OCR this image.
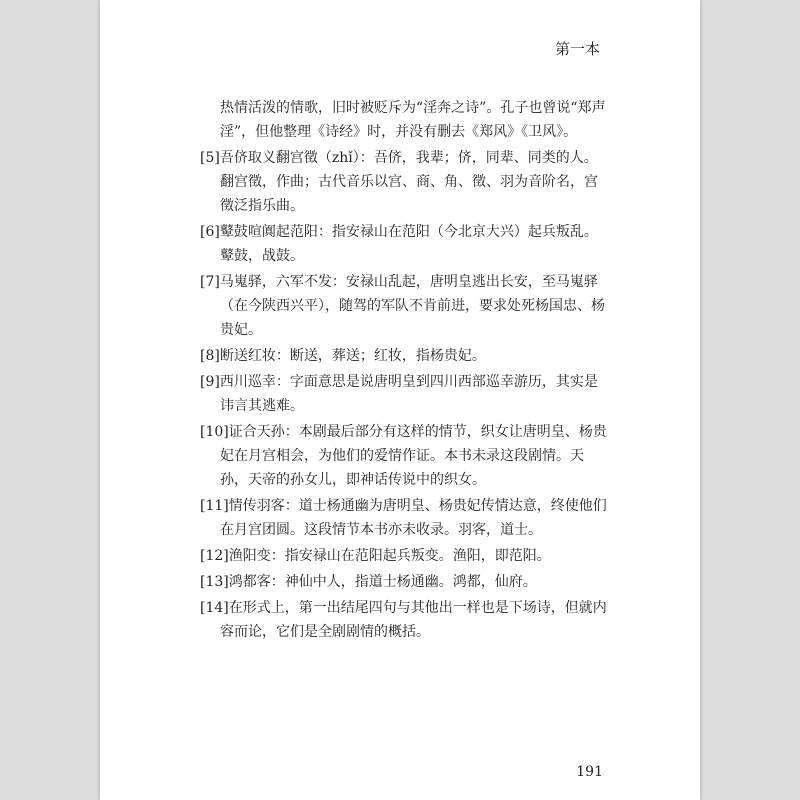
第一本

热情活泼的情歌，旧时被贬斥为“淫奔之诗”。孔子也曾说“郑声淫”，但他整理《诗经》时，并没有删去《郑风》《卫风》。

[5]吾侪取义翻宫徵（zhǐ）：吾侪，我辈；侪，同辈、同类的人。翻宫徵，作曲；古代音乐以宫、商、角、徵、羽为音阶名，宫徵泛指乐曲。

[6]鼙鼓喧阗起范阳：指安禄山在范阳（今北京大兴）起兵叛乱。鼙鼓，战鼓。

[7]马嵬驿，六军不发：安禄山乱起，唐明皇逃出长安，至马嵬驿（在今陕西兴平），随驾的军队不肯前进，要求处死杨国忠、杨贵妃。

[8]断送红妆：断送，葬送；红妆，指杨贵妃。

[9]西川巡幸：字面意思是说唐明皇到四川西部巡幸游历，其实是讳言其逃难。

[10]证合天孙：本剧最后部分有这样的情节，织女让唐明皇、杨贵妃在月宫相会，为他们的爱情作证。本书未录这段剧情。天孙，天帝的孙女儿，即神话传说中的织女。

[11]情传羽客：道士杨通幽为唐明皇、杨贵妃传情达意，终使他们在月宫团圆。这段情节本书亦未收录。羽客，道士。

[12]渔阳变：指安禄山在范阳起兵叛变。渔阳，即范阳。

[13]鸿都客：神仙中人，指道士杨通幽。鸿都，仙府。

[14]在形式上，第一出结尾四句与其他出一样也是下场诗，但就内容而论，它们是全剧剧情的概括。

191
